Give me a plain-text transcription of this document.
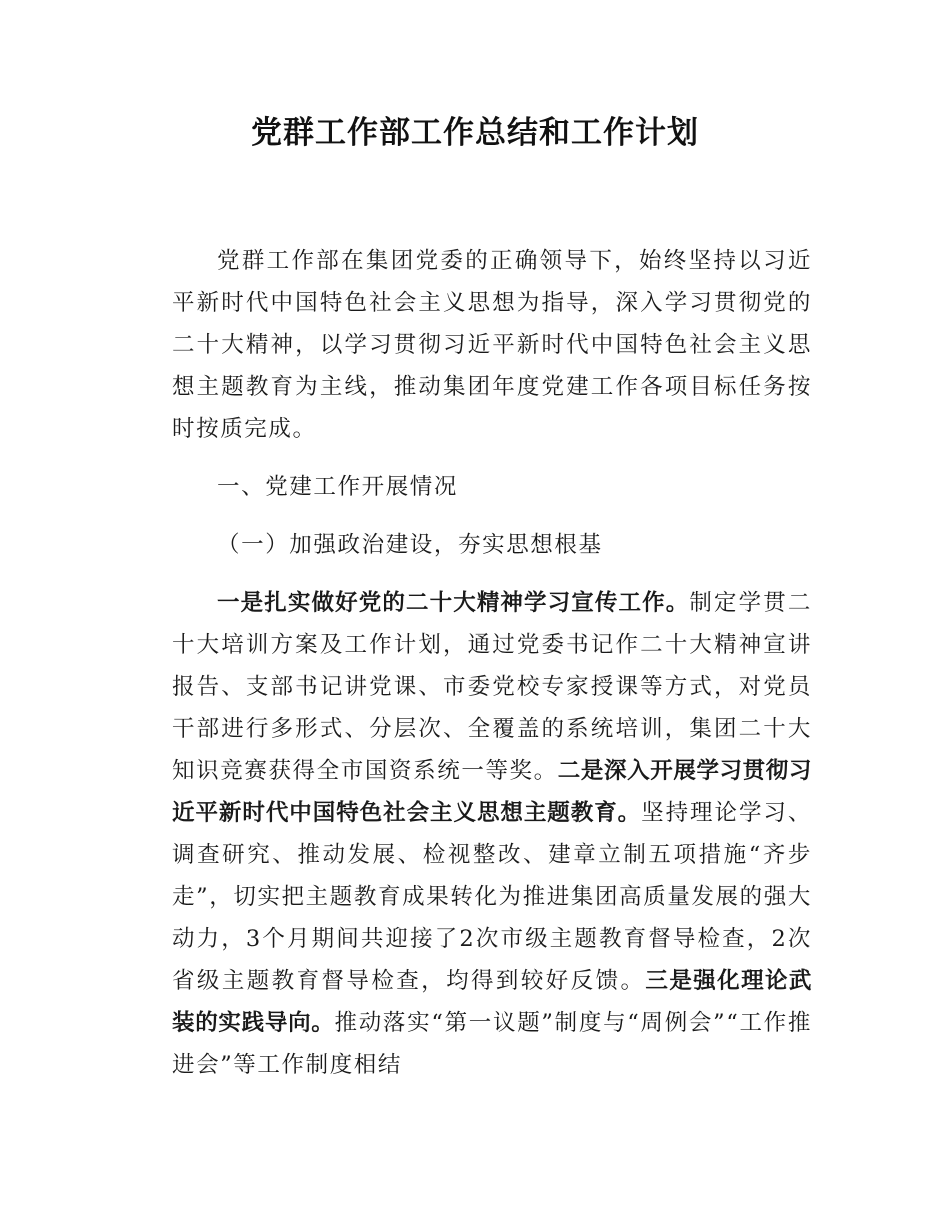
党群工作部工作总结和工作计划

党群工作部在集团党委的正确领导下，始终坚持以习近平新时代中国特色社会主义思想为指导，深入学习贯彻党的二十大精神，以学习贯彻习近平新时代中国特色社会主义思想主题教育为主线，推动集团年度党建工作各项目标任务按时按质完成。

一、党建工作开展情况

（一）加强政治建设，夯实思想根基

一是扎实做好党的二十大精神学习宣传工作。制定学贯二十大培训方案及工作计划，通过党委书记作二十大精神宣讲报告、支部书记讲党课、市委党校专家授课等方式，对党员干部进行多形式、分层次、全覆盖的系统培训，集团二十大知识竞赛获得全市国资系统一等奖。二是深入开展学习贯彻习近平新时代中国特色社会主义思想主题教育。坚持理论学习、调查研究、推动发展、检视整改、建章立制五项措施“齐步走”，切实把主题教育成果转化为推进集团高质量发展的强大动力，3个月期间共迎接了2次市级主题教育督导检查，2次省级主题教育督导检查，均得到较好反馈。三是强化理论武装的实践导向。推动落实“第一议题”制度与“周例会”“工作推进会”等工作制度相结
